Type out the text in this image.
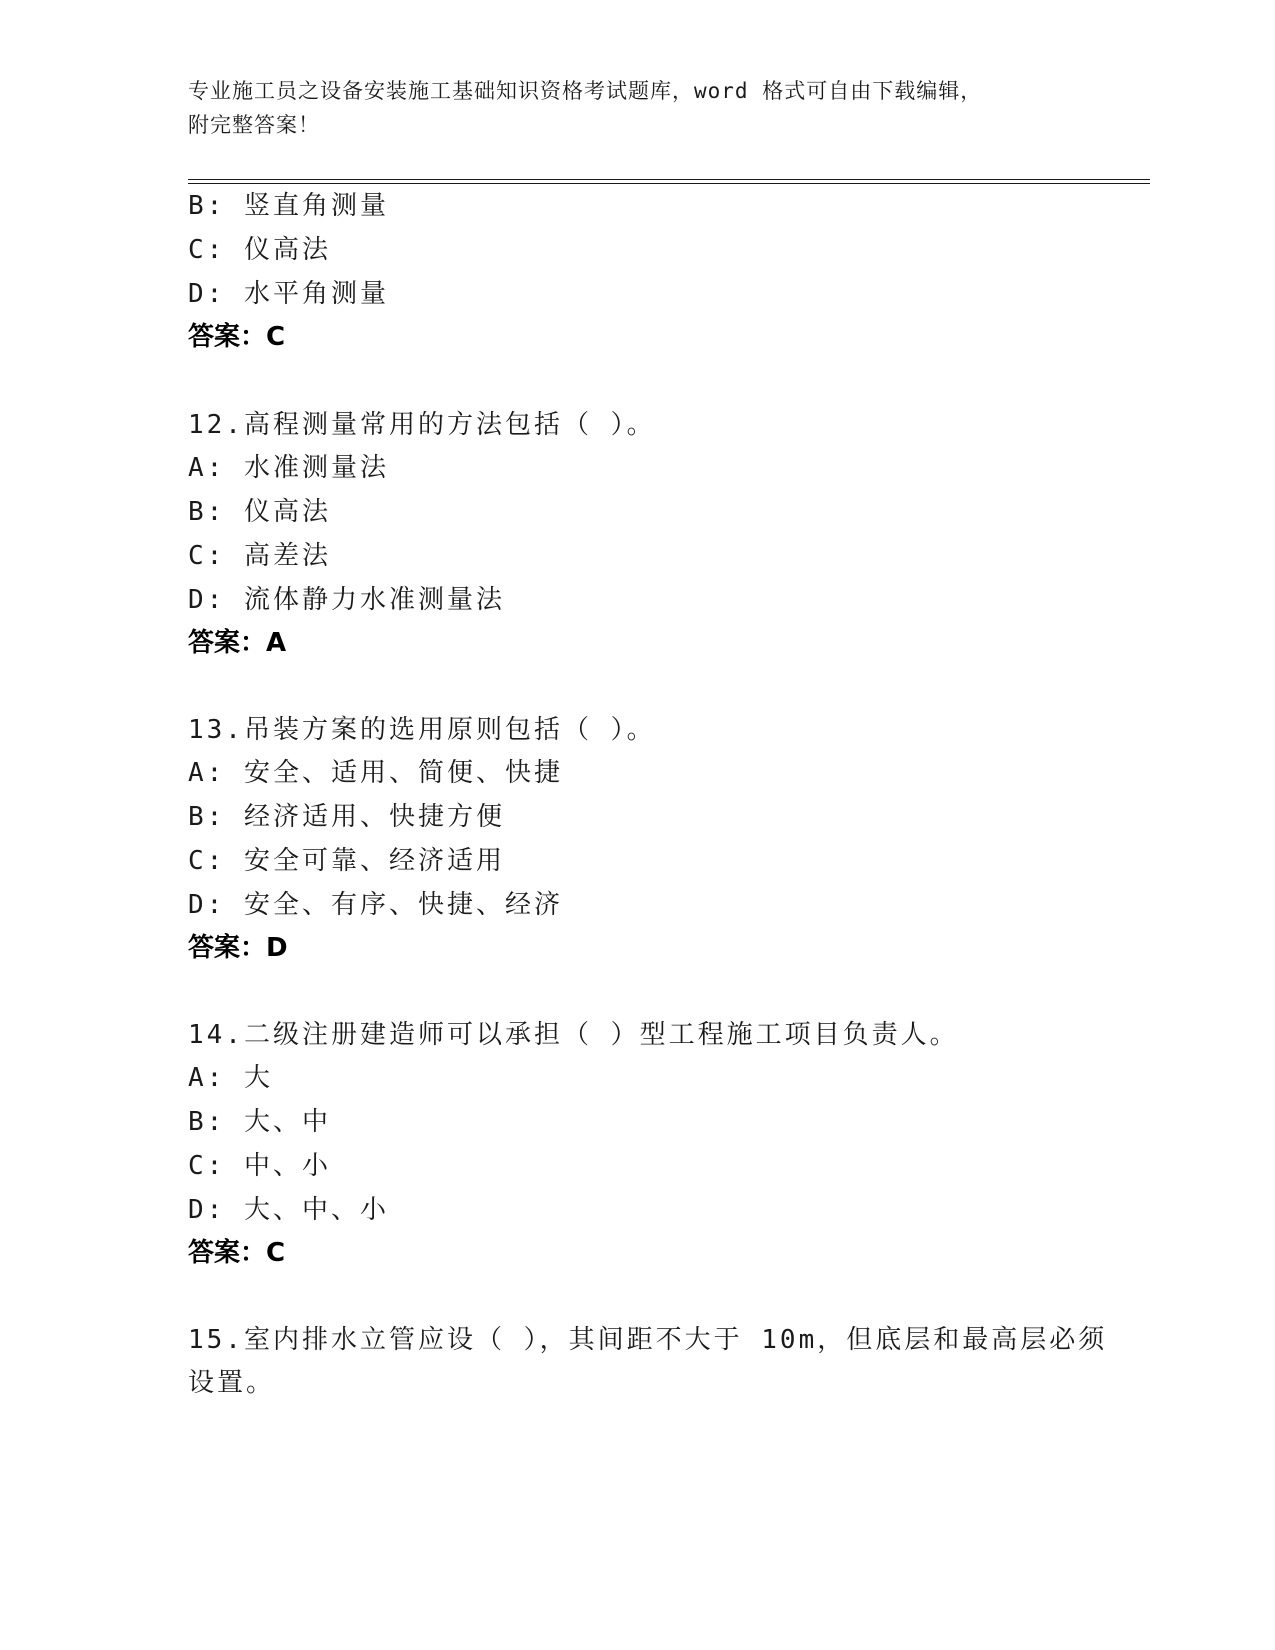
专业施工员之设备安装施工基础知识资格考试题库，word 格式可自由下载编辑，
附完整答案！
B: 竖直角测量
C: 仪高法
D: 水平角测量
答案：C
12.高程测量常用的方法包括（ ）。
A: 水准测量法
B: 仪高法
C: 高差法
D: 流体静力水准测量法
答案：A
13.吊装方案的选用原则包括（ ）。
A: 安全、适用、简便、快捷
B: 经济适用、快捷方便
C: 安全可靠、经济适用
D: 安全、有序、快捷、经济
答案：D
14.二级注册建造师可以承担（ ）型工程施工项目负责人。
A: 大
B: 大、中
C: 中、小
D: 大、中、小
答案：C
15.室内排水立管应设（ ），其间距不大于 10m，但底层和最高层必须
设置。
